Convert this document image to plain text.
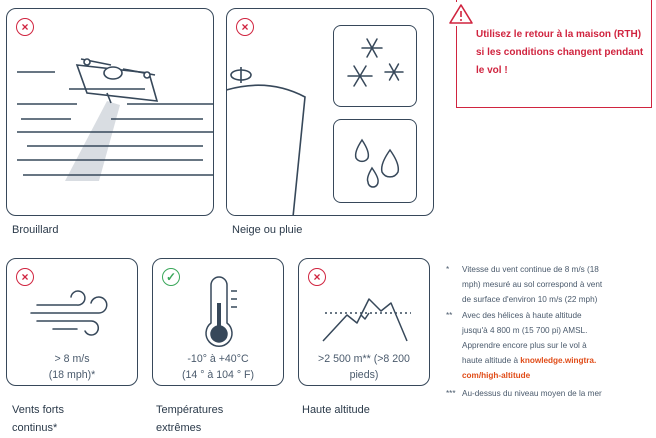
×
Brouillard
×
Neige ou pluie
Utilisez le retour à la maison (RTH) si les conditions changent pendant le vol !
×
> 8 m/s
(18 mph)*
Vents forts
continus*
✓
-10° à +40°C
(14 ° à 104 ° F)
Températures
extrêmes
×
>2 500 m** (>8 200
pieds)
Haute altitude
* Vitesse du vent continue de 8 m/s (18
mph) mesuré au sol correspond à vent
de surface d'environ 10 m/s (22 mph)
** Avec des hélices à haute altitude
jusqu'à 4 800 m (15 700 pi) AMSL.
Apprendre encore plus sur le vol à
haute altitude à knowledge.wingtra.
com/high-altitude
*** Au-dessus du niveau moyen de la mer
